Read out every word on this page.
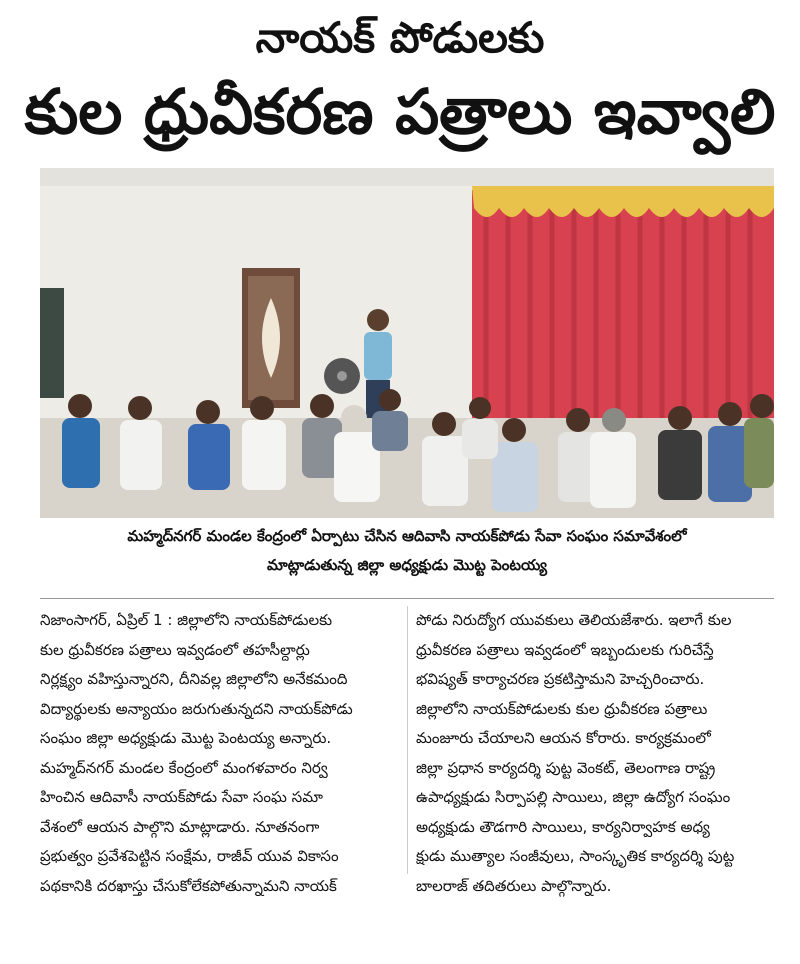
నాయక్ పోడులకు
కుల ధ్రువీకరణ పత్రాలు ఇవ్వాలి
మహ్మద్‌నగర్ మండల కేంద్రంలో ఏర్పాటు చేసిన ఆదివాసి నాయక్‌పోడు సేవా సంఘం సమావేశంలో
మాట్లాడుతున్న జిల్లా అధ్యక్షుడు మొట్ట పెంటయ్య
నిజాంసాగర్, ఏప్రిల్ 1 : జిల్లాలోని నాయక్‌పోడులకు
కుల ధ్రువీకరణ పత్రాలు ఇవ్వడంలో తహసీల్దార్లు
నిర్లక్ష్యం వహిస్తున్నారని, దీనివల్ల జిల్లాలోని అనేకమంది
విద్యార్థులకు అన్యాయం జరుగుతున్నదని నాయక్‌పోడు
సంఘం జిల్లా అధ్యక్షుడు మొట్ట పెంటయ్య అన్నారు.
మహ్మద్‌నగర్ మండల కేంద్రంలో మంగళవారం నిర్వ
హించిన ఆదివాసీ నాయక్‌పోడు సేవా సంఘ సమా
వేశంలో ఆయన పాల్గొని మాట్లాడారు. నూతనంగా
ప్రభుత్వం ప్రవేశపెట్టిన సంక్షేమ, రాజీవ్ యువ వికాసం
పథకానికి దరఖాస్తు చేసుకోలేకపోతున్నామని నాయక్
పోడు నిరుద్యోగ యువకులు తెలియజేశారు. ఇలాగే కుల
ధ్రువీకరణ పత్రాలు ఇవ్వడంలో ఇబ్బందులకు గురిచేస్తే
భవిష్యత్ కార్యాచరణ ప్రకటిస్తామని హెచ్చరించారు.
జిల్లాలోని నాయక్‌పోడులకు కుల ధ్రువీకరణ పత్రాలు
మంజూరు చేయాలని ఆయన కోరారు. కార్యక్రమంలో
జిల్లా ప్రధాన కార్యదర్శి పుట్ట వెంకట్, తెలంగాణ రాష్ట్ర
ఉపాధ్యక్షుడు సిర్పాపల్లి సాయిలు, జిల్లా ఉద్యోగ సంఘం
అధ్యక్షుడు తౌడగారి సాయిలు, కార్యనిర్వాహక అధ్య
క్షుడు ముత్యాల సంజీవులు, సాంస్కృతిక కార్యదర్శి పుట్ట
బాలరాజ్ తదితరులు పాల్గొన్నారు.
